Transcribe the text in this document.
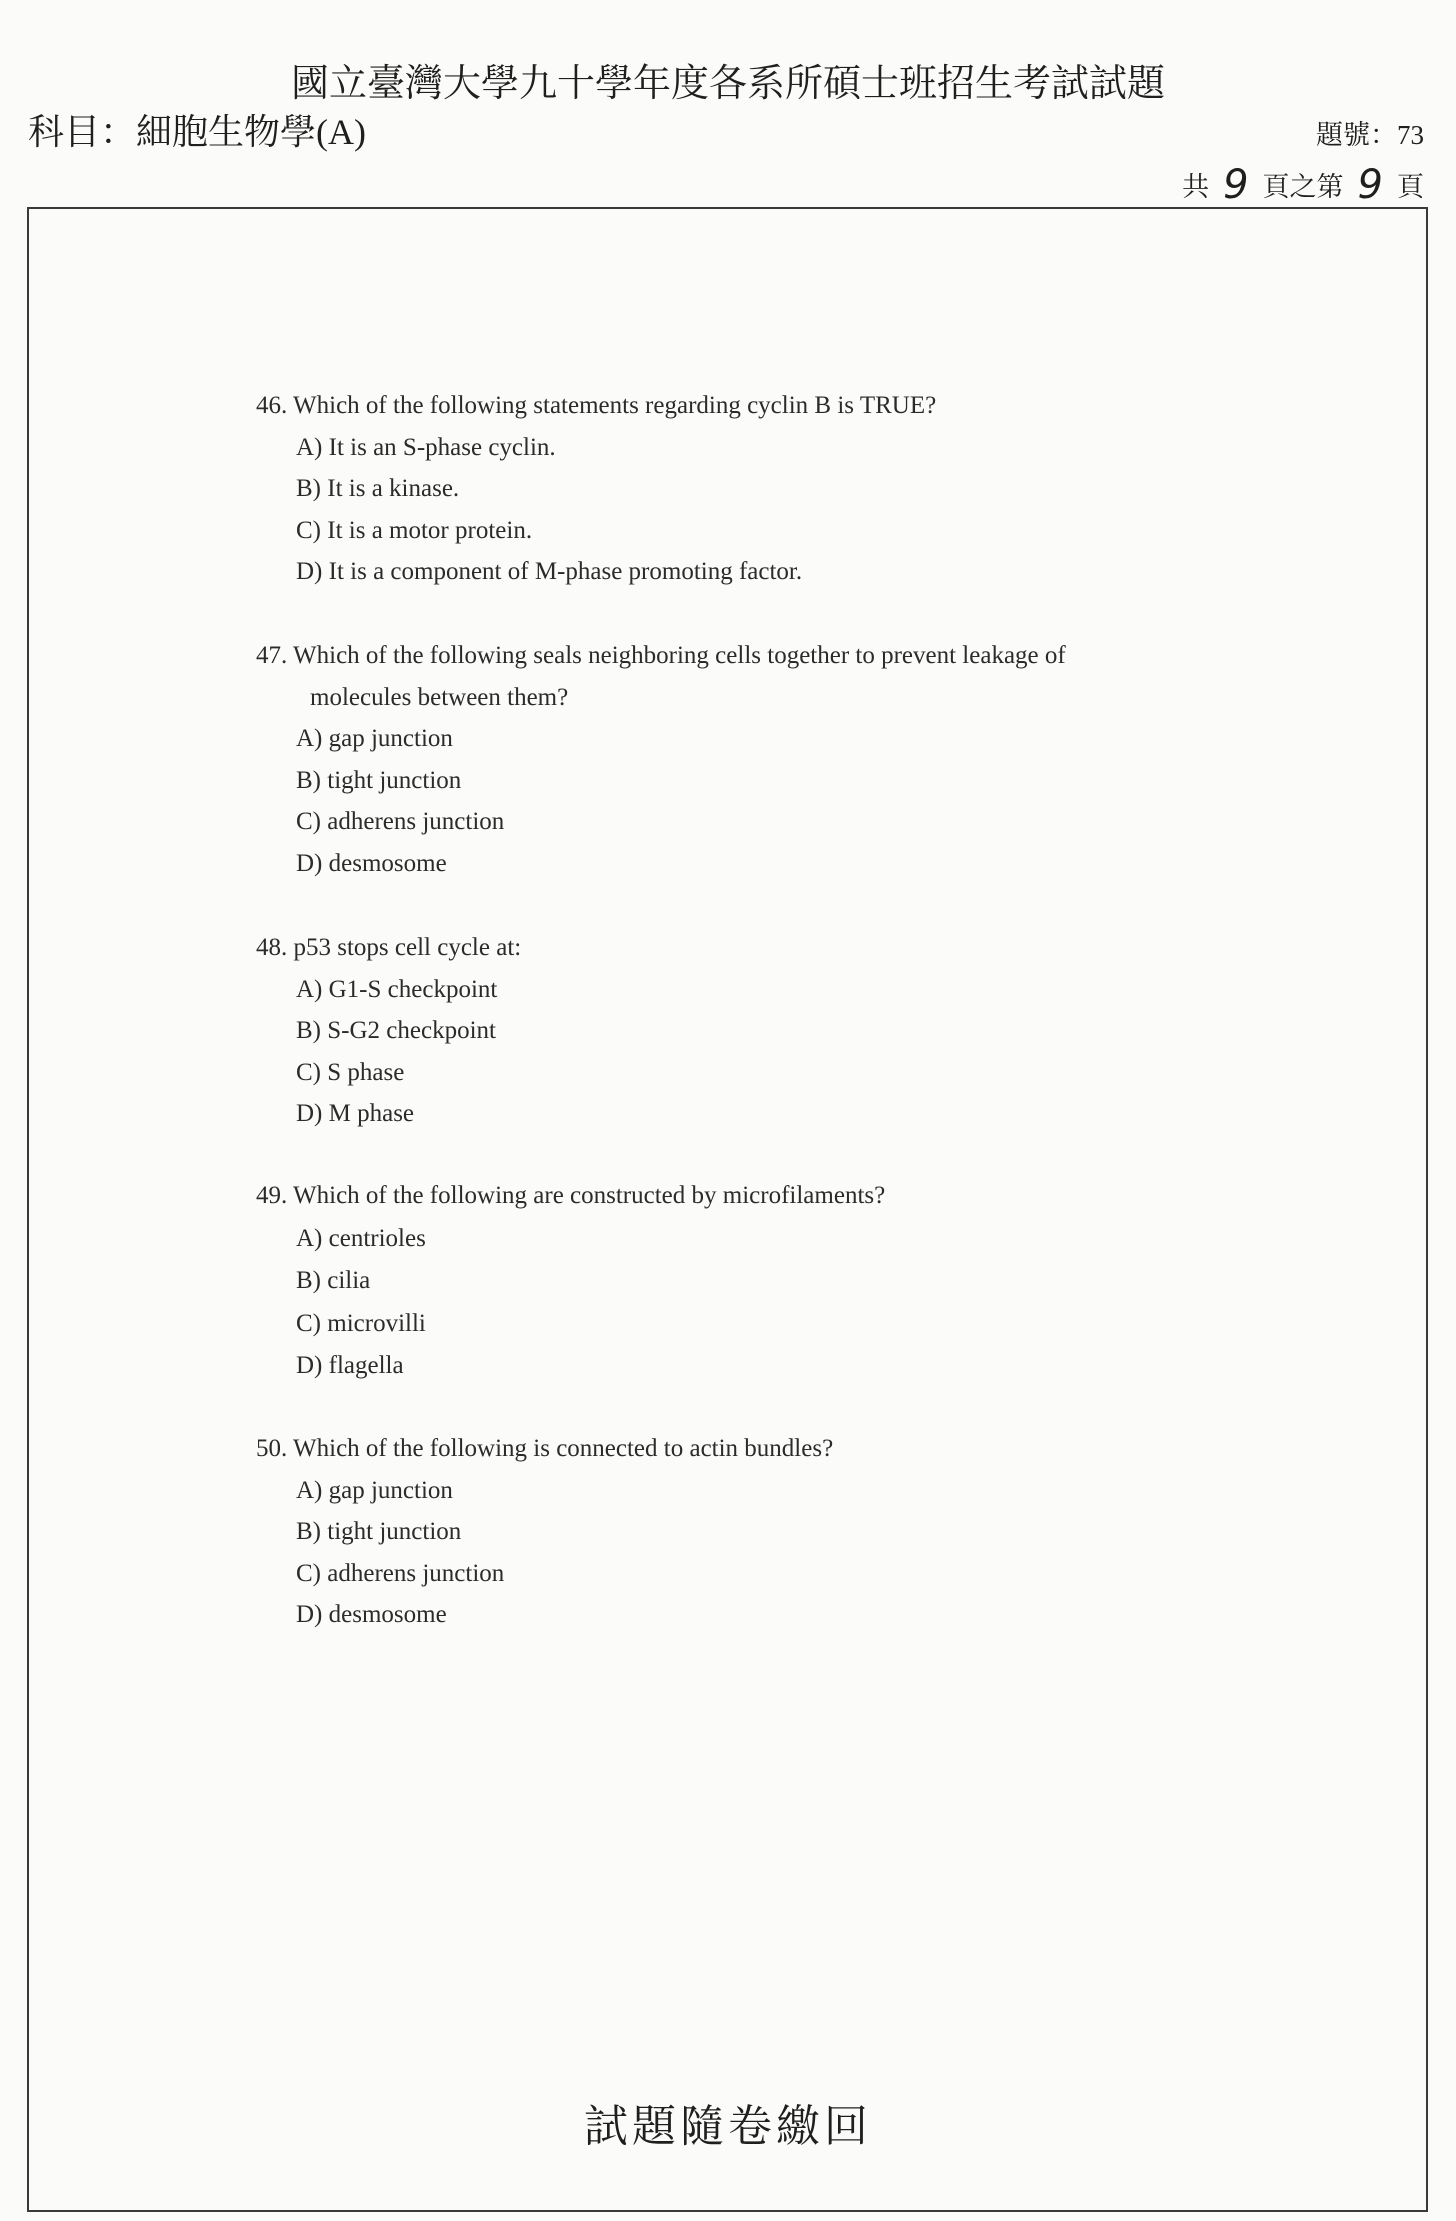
國立臺灣大學九十學年度各系所碩士班招生考試試題
科目：細胞生物學(A)	題號：73
共 9 頁之第 9 頁
46. Which of the following statements regarding cyclin B is TRUE?
A) It is an S-phase cyclin.
B) It is a kinase.
C) It is a motor protein.
D) It is a component of M-phase promoting factor.
47. Which of the following seals neighboring cells together to prevent leakage of
molecules between them?
A) gap junction
B) tight junction
C) adherens junction
D) desmosome
48. p53 stops cell cycle at:
A) G1-S checkpoint
B) S-G2 checkpoint
C) S phase
D) M phase
49. Which of the following are constructed by microfilaments?
A) centrioles
B) cilia
C) microvilli
D) flagella
50. Which of the following is connected to actin bundles?
A) gap junction
B) tight junction
C) adherens junction
D) desmosome
試題隨卷繳回
